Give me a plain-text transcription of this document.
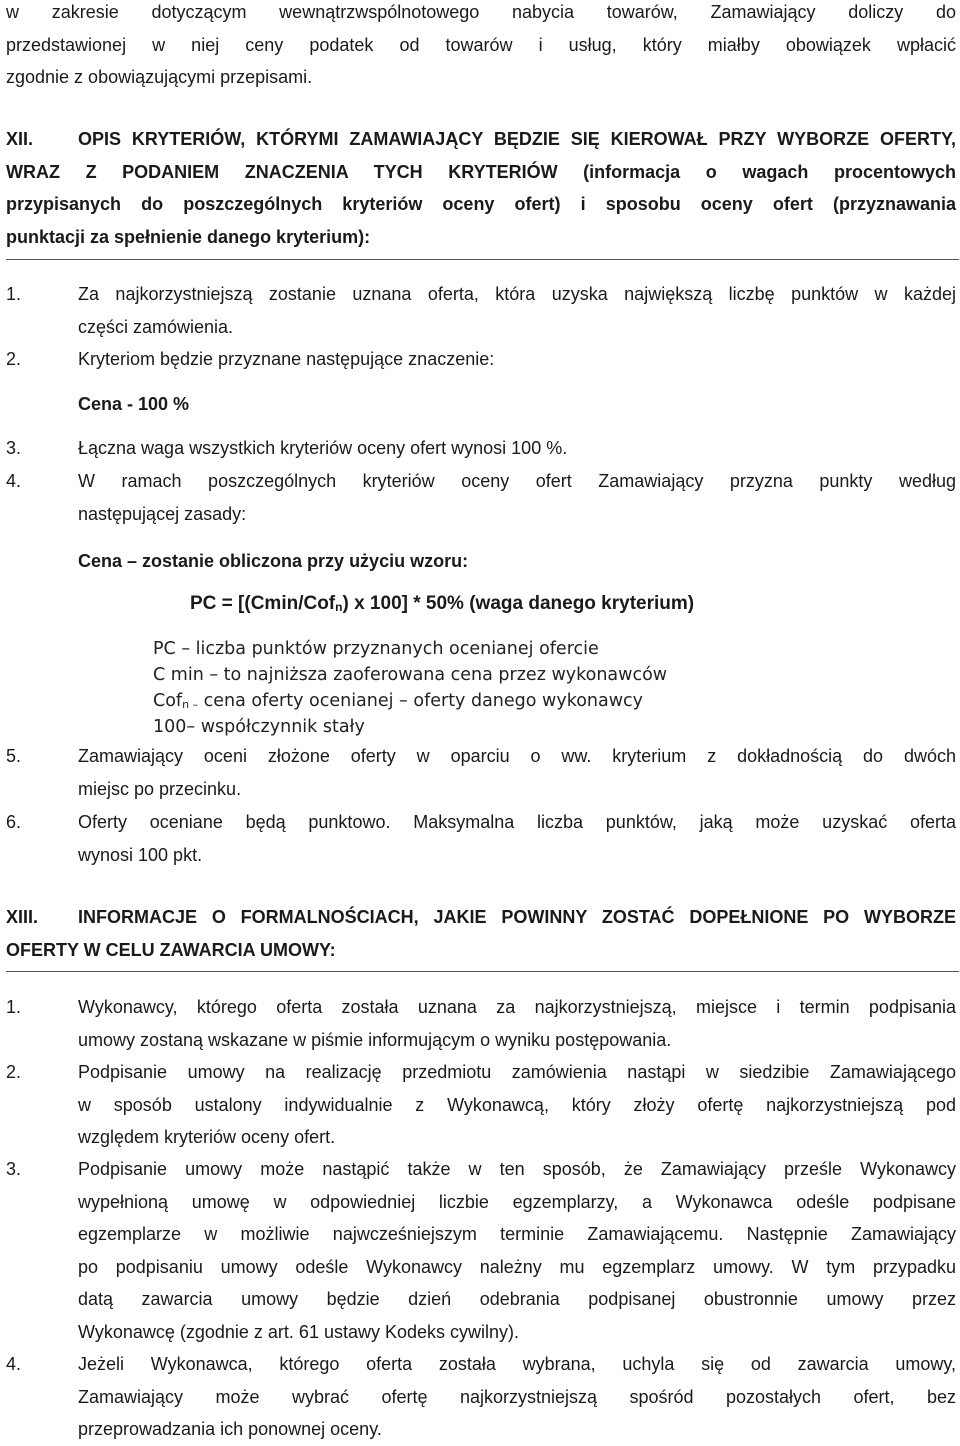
w zakresie dotyczącym wewnątrzwspólnotowego nabycia towarów, Zamawiający doliczy do
przedstawionej w niej ceny podatek od towarów i usług, który miałby obowiązek wpłacić
zgodnie z obowiązującymi przepisami.
XII. OPIS KRYTERIÓW, KTÓRYMI ZAMAWIAJĄCY BĘDZIE SIĘ KIEROWAŁ PRZY WYBORZE OFERTY,
WRAZ Z PODANIEM ZNACZENIA TYCH KRYTERIÓW (informacja o wagach procentowych
przypisanych do poszczególnych kryteriów oceny ofert) i sposobu oceny ofert (przyznawania
punktacji za spełnienie danego kryterium):
1.	Za najkorzystniejszą zostanie uznana oferta, która uzyska największą liczbę punktów w każdej
części zamówienia.
2.	Kryteriom będzie przyznane następujące znaczenie:
Cena - 100 %
3.	Łączna waga wszystkich kryteriów oceny ofert wynosi 100 %.
4.	W ramach poszczególnych kryteriów oceny ofert Zamawiający przyzna punkty według
następującej zasady:
Cena – zostanie obliczona przy użyciu wzoru:
PC = [(Cmin/Cofn) x 100] * 50% (waga danego kryterium)
PC – liczba punktów przyznanych ocenianej ofercie
C min – to najniższa zaoferowana cena przez wykonawców
Cofn – cena oferty ocenianej – oferty danego wykonawcy
100– współczynnik stały
5.	Zamawiający oceni złożone oferty w oparciu o ww. kryterium z dokładnością do dwóch
miejsc po przecinku.
6.	Oferty oceniane będą punktowo. Maksymalna liczba punktów, jaką może uzyskać oferta
wynosi 100 pkt.
XIII. INFORMACJE O FORMALNOŚCIACH, JAKIE POWINNY ZOSTAĆ DOPEŁNIONE PO WYBORZE
OFERTY W CELU ZAWARCIA UMOWY:
1.	Wykonawcy, którego oferta została uznana za najkorzystniejszą, miejsce i termin podpisania
umowy zostaną wskazane w piśmie informującym o wyniku postępowania.
2.	Podpisanie umowy na realizację przedmiotu zamówienia nastąpi w siedzibie Zamawiającego
w sposób ustalony indywidualnie z Wykonawcą, który złoży ofertę najkorzystniejszą pod
względem kryteriów oceny ofert.
3.	Podpisanie umowy może nastąpić także w ten sposób, że Zamawiający prześle Wykonawcy
wypełnioną umowę w odpowiedniej liczbie egzemplarzy, a Wykonawca odeśle podpisane
egzemplarze w możliwie najwcześniejszym terminie Zamawiającemu. Następnie Zamawiający
po podpisaniu umowy odeśle Wykonawcy należny mu egzemplarz umowy. W tym przypadku
datą zawarcia umowy będzie dzień odebrania podpisanej obustronnie umowy przez
Wykonawcę (zgodnie z art. 61 ustawy Kodeks cywilny).
4.	Jeżeli Wykonawca, którego oferta została wybrana, uchyla się od zawarcia umowy,
Zamawiający może wybrać ofertę najkorzystniejszą spośród pozostałych ofert, bez
przeprowadzania ich ponownej oceny.
